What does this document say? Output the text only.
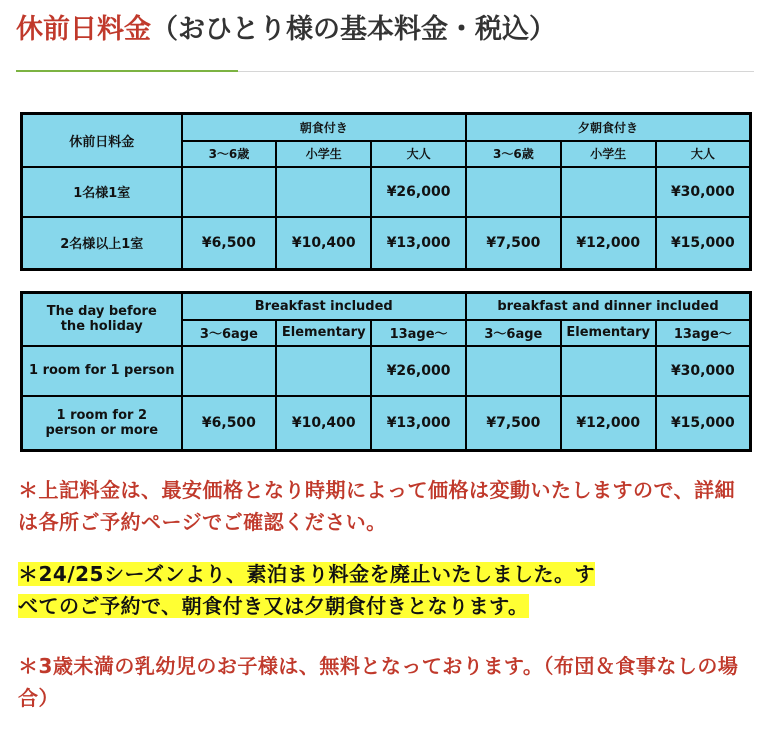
休前日料金（おひとり様の基本料金・税込）
休前日料金	朝食付き			夕朝食付き		
	3～6歳	小学生	大人	3～6歳	小学生	大人
1名様1室			¥26,000			¥30,000
2名様以上1室	¥6,500	¥10,400	¥13,000	¥7,500	¥12,000	¥15,000
The day before
the holiday	Breakfast included			breakfast and dinner included		
	3～6age	Elementary	13age～	3～6age	Elementary	13age～
1 room for 1 person			¥26,000			¥30,000
1 room for 2
person or more	¥6,500	¥10,400	¥13,000	¥7,500	¥12,000	¥15,000

＊上記料金は、最安価格となり時期によって価格は変動いたしますので、詳細は各所ご予約ページでご確認ください。

＊24/25シーズンより、素泊まり料金を廃止いたしました。す
べてのご予約で、朝食付き又は夕朝食付きとなります。

＊3歳未満の乳幼児のお子様は、無料となっております。（布団＆食事なしの場合）
